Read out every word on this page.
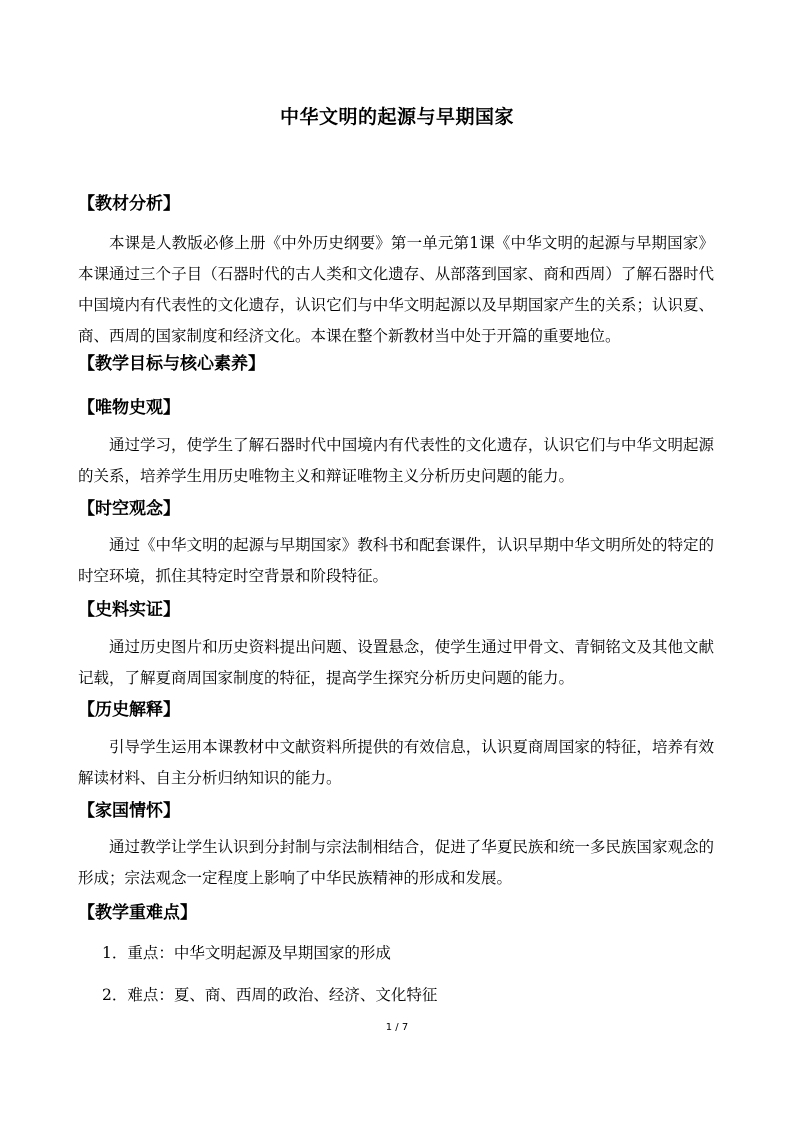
中华文明的起源与早期国家
【教材分析】
本课是人教版必修上册《中外历史纲要》第一单元第1课《中华文明的起源与早期国家》本课通过三个子目（石器时代的古人类和文化遗存、从部落到国家、商和西周）了解石器时代中国境内有代表性的文化遗存，认识它们与中华文明起源以及早期国家产生的关系；认识夏、商、西周的国家制度和经济文化。本课在整个新教材当中处于开篇的重要地位。
【教学目标与核心素养】
【唯物史观】
通过学习，使学生了解石器时代中国境内有代表性的文化遗存，认识它们与中华文明起源的关系，培养学生用历史唯物主义和辩证唯物主义分析历史问题的能力。
【时空观念】
通过《中华文明的起源与早期国家》教科书和配套课件，认识早期中华文明所处的特定的时空环境，抓住其特定时空背景和阶段特征。
【史料实证】
通过历史图片和历史资料提出问题、设置悬念，使学生通过甲骨文、青铜铭文及其他文献记载，了解夏商周国家制度的特征，提高学生探究分析历史问题的能力。
【历史解释】
引导学生运用本课教材中文献资料所提供的有效信息，认识夏商周国家的特征，培养有效解读材料、自主分析归纳知识的能力。
【家国情怀】
通过教学让学生认识到分封制与宗法制相结合，促进了华夏民族和统一多民族国家观念的形成；宗法观念一定程度上影响了中华民族精神的形成和发展。
【教学重难点】
1．重点：中华文明起源及早期国家的形成
2．难点：夏、商、西周的政治、经济、文化特征
1 / 7
